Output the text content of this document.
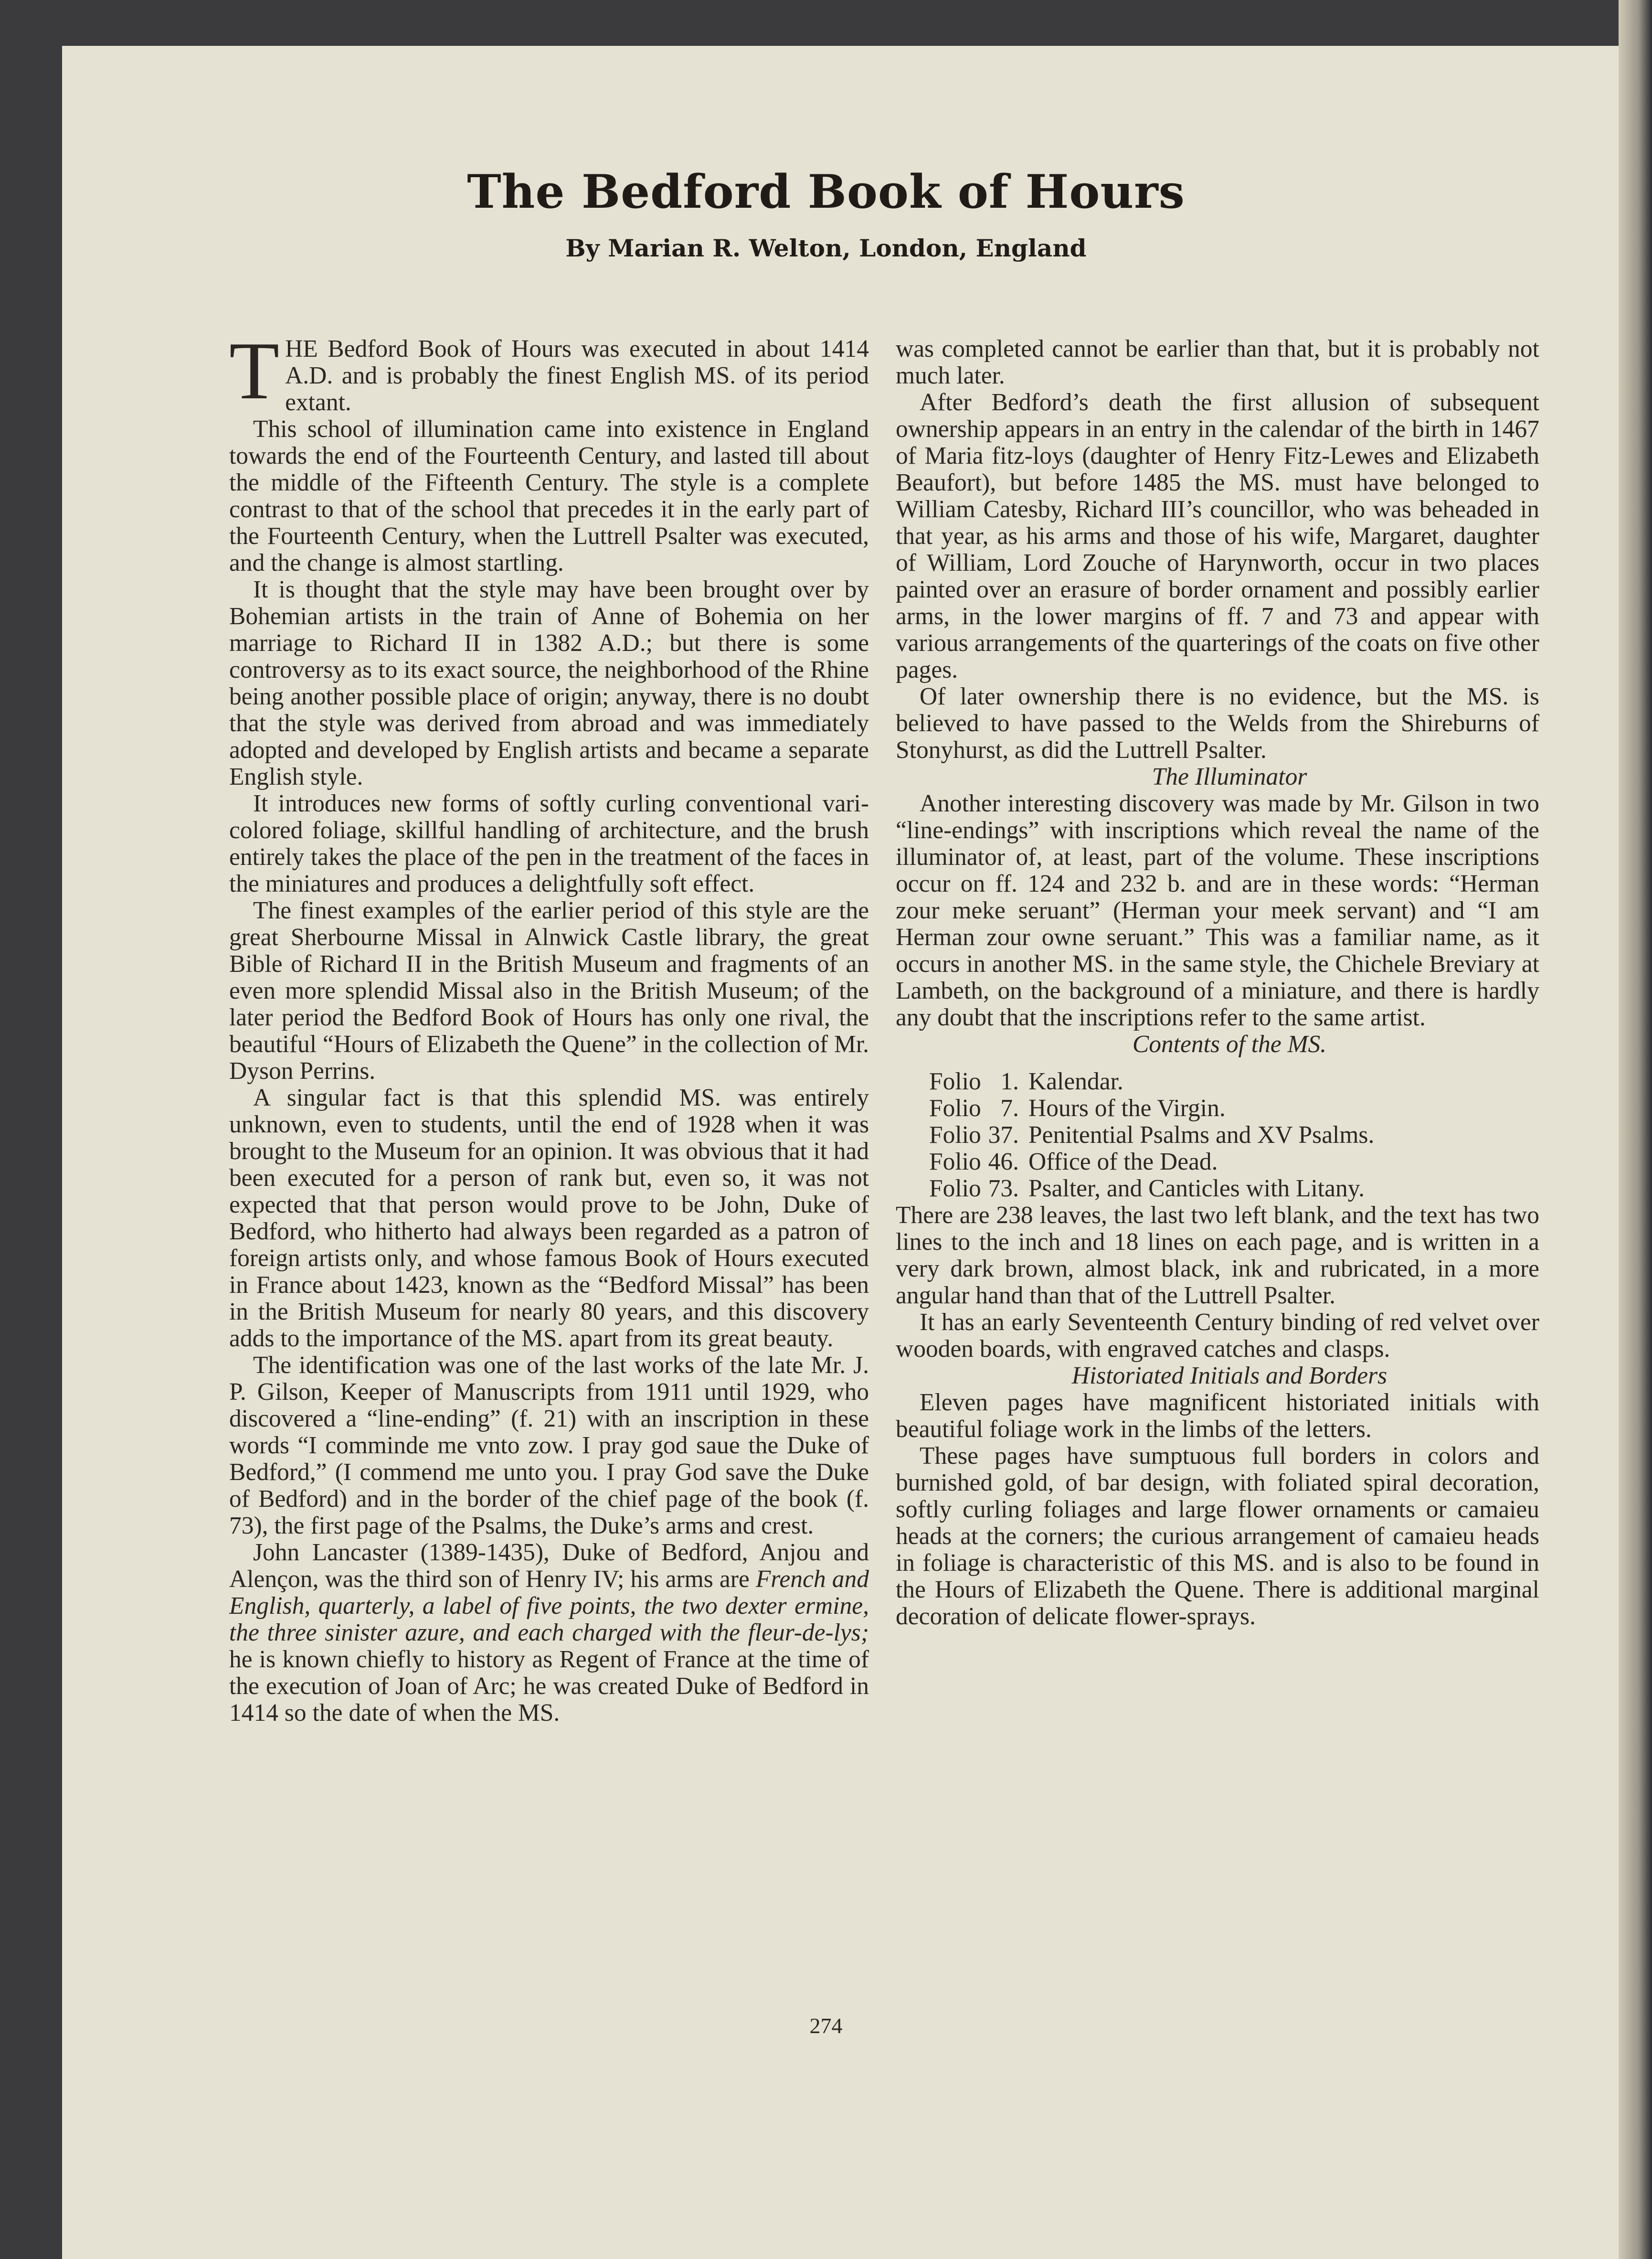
The Bedford Book of Hours
By Marian R. Welton, London, England

THE Bedford Book of Hours was executed in about 1414 A.D. and is probably the finest English MS. of its period extant.

This school of illumination came into existence in England towards the end of the Fourteenth Century, and lasted till about the middle of the Fifteenth Century. The style is a complete contrast to that of the school that precedes it in the early part of the Fourteenth Century, when the Luttrell Psalter was executed, and the change is almost startling.

It is thought that the style may have been brought over by Bohemian artists in the train of Anne of Bohemia on her marriage to Richard II in 1382 A.D.; but there is some controversy as to its exact source, the neighborhood of the Rhine being another possible place of origin; anyway, there is no doubt that the style was derived from abroad and was immediately adopted and developed by English artists and became a separate English style.

It introduces new forms of softly curling conventional vari-colored foliage, skillful handling of architecture, and the brush entirely takes the place of the pen in the treatment of the faces in the miniatures and produces a delightfully soft effect.

The finest examples of the earlier period of this style are the great Sherbourne Missal in Alnwick Castle library, the great Bible of Richard II in the British Museum and fragments of an even more splendid Missal also in the British Museum; of the later period the Bedford Book of Hours has only one rival, the beautiful “Hours of Elizabeth the Quene” in the collection of Mr. Dyson Perrins.

A singular fact is that this splendid MS. was entirely unknown, even to students, until the end of 1928 when it was brought to the Museum for an opinion. It was obvious that it had been executed for a person of rank but, even so, it was not expected that that person would prove to be John, Duke of Bedford, who hitherto had always been regarded as a patron of foreign artists only, and whose famous Book of Hours executed in France about 1423, known as the “Bedford Missal” has been in the British Museum for nearly 80 years, and this discovery adds to the importance of the MS. apart from its great beauty.

The identification was one of the last works of the late Mr. J. P. Gilson, Keeper of Manuscripts from 1911 until 1929, who discovered a “line-ending” (f. 21) with an inscription in these words “I comminde me vnto zow. I pray god saue the Duke of Bedford,” (I commend me unto you. I pray God save the Duke of Bedford) and in the border of the chief page of the book (f. 73), the first page of the Psalms, the Duke’s arms and crest.

John Lancaster (1389-1435), Duke of Bedford, Anjou and Alençon, was the third son of Henry IV; his arms are French and English, quarterly, a label of five points, the two dexter ermine, the three sinister azure, and each charged with the fleur-de-lys; he is known chiefly to history as Regent of France at the time of the execution of Joan of Arc; he was created Duke of Bedford in 1414 so the date of when the MS.

was completed cannot be earlier than that, but it is probably not much later.

After Bedford’s death the first allusion of subsequent ownership appears in an entry in the calendar of the birth in 1467 of Maria fitz-loys (daughter of Henry Fitz-Lewes and Elizabeth Beaufort), but before 1485 the MS. must have belonged to William Catesby, Richard III’s councillor, who was beheaded in that year, as his arms and those of his wife, Margaret, daughter of William, Lord Zouche of Harynworth, occur in two places painted over an erasure of border ornament and possibly earlier arms, in the lower margins of ff. 7 and 73 and appear with various arrangements of the quarterings of the coats on five other pages.

Of later ownership there is no evidence, but the MS. is believed to have passed to the Welds from the Shireburns of Stonyhurst, as did the Luttrell Psalter.

The Illuminator

Another interesting discovery was made by Mr. Gilson in two “line-endings” with inscriptions which reveal the name of the illuminator of, at least, part of the volume. These inscriptions occur on ff. 124 and 232 b. and are in these words: “Herman zour meke seruant” (Herman your meek servant) and “I am Herman zour owne seruant.” This was a familiar name, as it occurs in another MS. in the same style, the Chichele Breviary at Lambeth, on the background of a miniature, and there is hardly any doubt that the inscriptions refer to the same artist.

Contents of the MS.

Folio 1. Kalendar.
Folio 7. Hours of the Virgin.
Folio 37. Penitential Psalms and XV Psalms.
Folio 46. Office of the Dead.
Folio 73. Psalter, and Canticles with Litany.

There are 238 leaves, the last two left blank, and the text has two lines to the inch and 18 lines on each page, and is written in a very dark brown, almost black, ink and rubricated, in a more angular hand than that of the Luttrell Psalter.

It has an early Seventeenth Century binding of red velvet over wooden boards, with engraved catches and clasps.

Historiated Initials and Borders

Eleven pages have magnificent historiated initials with beautiful foliage work in the limbs of the letters.

These pages have sumptuous full borders in colors and burnished gold, of bar design, with foliated spiral decoration, softly curling foliages and large flower ornaments or camaieu heads at the corners; the curious arrangement of camaieu heads in foliage is characteristic of this MS. and is also to be found in the Hours of Elizabeth the Quene. There is additional marginal decoration of delicate flower-sprays.

274
